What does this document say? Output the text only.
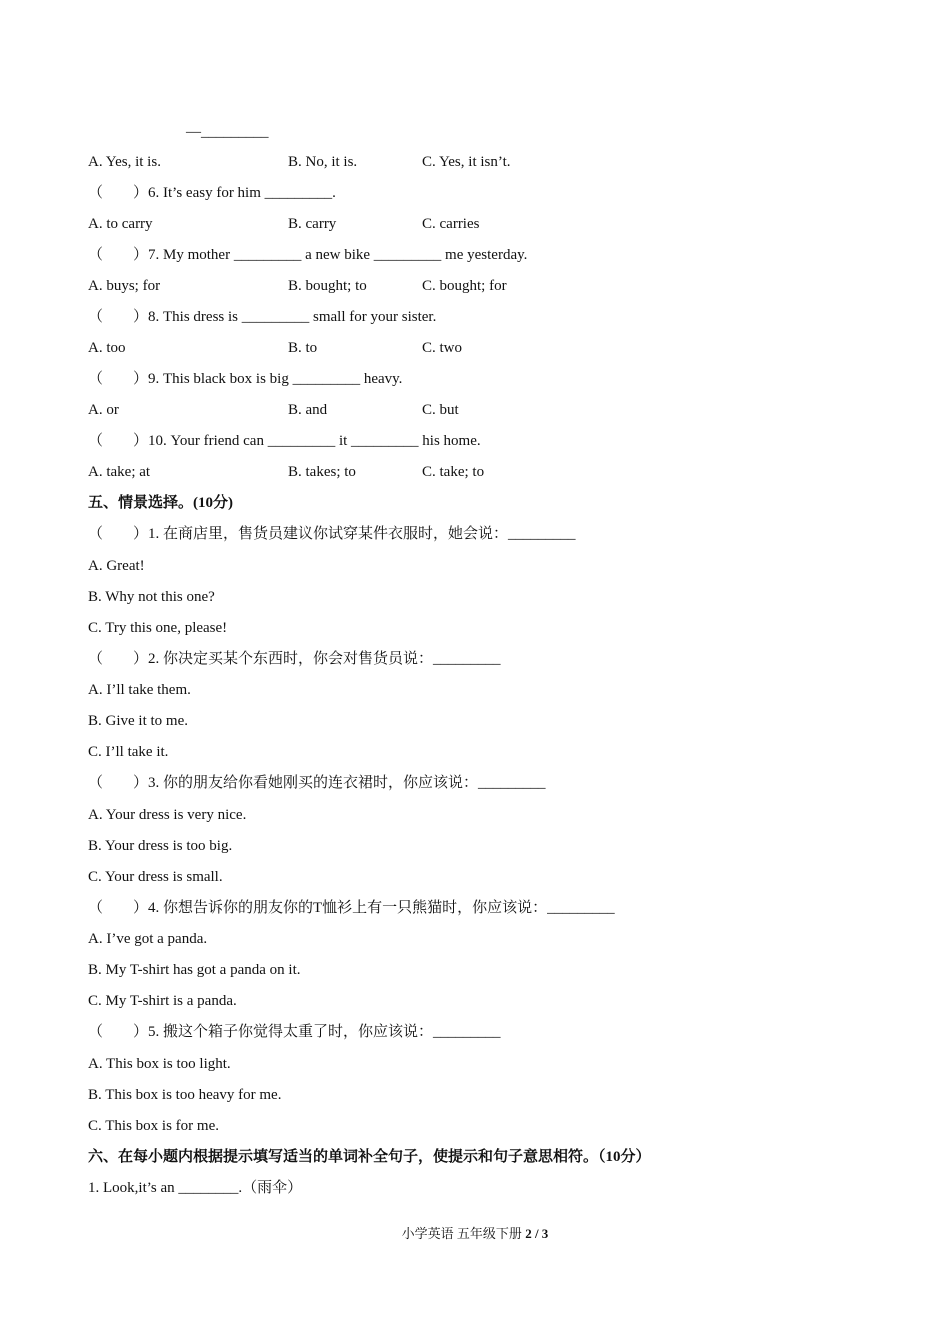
—_________
A. Yes, it is.	B. No, it is.	C. Yes, it isn’t.
（　　）6. It’s easy for him _________.
A. to carry	B. carry	C. carries
（　　）7. My mother _________ a new bike _________ me yesterday.
A. buys; for	B. bought; to	C. bought; for
（　　）8. This dress is _________ small for your sister.
A. too	B. to	C. two
（　　）9. This black box is big _________ heavy.
A. or	B. and	C. but
（　　）10. Your friend can _________ it _________ his home.
A. take; at	B. takes; to	C. take; to
五、情景选择。(10分)
（　　）1. 在商店里，售货员建议你试穿某件衣服时，她会说：_________
A. Great!
B. Why not this one?
C. Try this one, please!
（　　）2. 你决定买某个东西时，你会对售货员说：_________
A. I’ll take them.
B. Give it to me.
C. I’ll take it.
（　　）3. 你的朋友给你看她刚买的连衣裙时，你应该说：_________
A. Your dress is very nice.
B. Your dress is too big.
C. Your dress is small.
（　　）4. 你想告诉你的朋友你的T恤衫上有一只熊猫时，你应该说：_________
A. I’ve got a panda.
B. My T-shirt has got a panda on it.
C. My T-shirt is a panda.
（　　）5. 搬这个箱子你觉得太重了时，你应该说：_________
A. This box is too light.
B. This box is too heavy for me.
C. This box is for me.
六、在每小题内根据提示填写适当的单词补全句子，使提示和句子意思相符。（10分）
1. Look,it’s an ________.（雨伞）
小学英语 五年级下册 2 / 3
